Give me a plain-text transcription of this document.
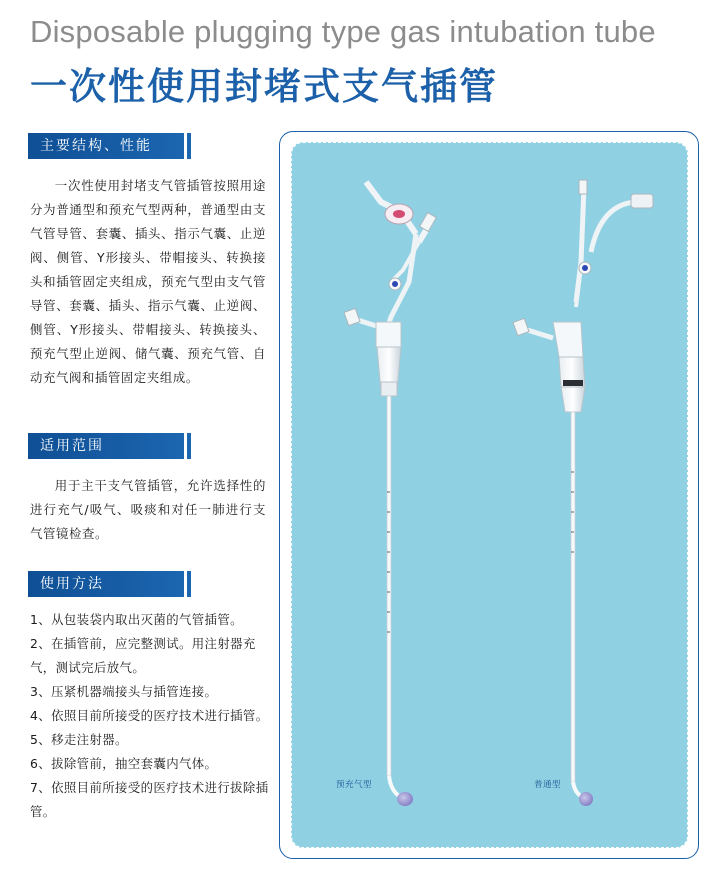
Disposable plugging type gas intubation tube
一次性使用封堵式支气插管
主要结构、性能
一次性使用封堵支气管插管按照用途分为普通型和预充气型两种，普通型由支气管导管、套囊、插头、指示气囊、止逆阀、侧管、Y形接头、带帽接头、转换接头和插管固定夹组成，预充气型由支气管导管、套囊、插头、指示气囊、止逆阀、侧管、Y形接头、带帽接头、转换接头、预充气型止逆阀、储气囊、预充气管、自动充气阀和插管固定夹组成。
适用范围
用于主干支气管插管，允许选择性的进行充气/吸气、吸痰和对任一肺进行支气管镜检查。
使用方法
1、从包装袋内取出灭菌的气管插管。
2、在插管前，应完整测试。用注射器充气，测试完后放气。
3、压紧机器端接头与插管连接。
4、依照目前所接受的医疗技术进行插管。
5、移走注射器。
6、拔除管前，抽空套囊内气体。
7、依照目前所接受的医疗技术进行拔除插管。
预充气型	普通型
